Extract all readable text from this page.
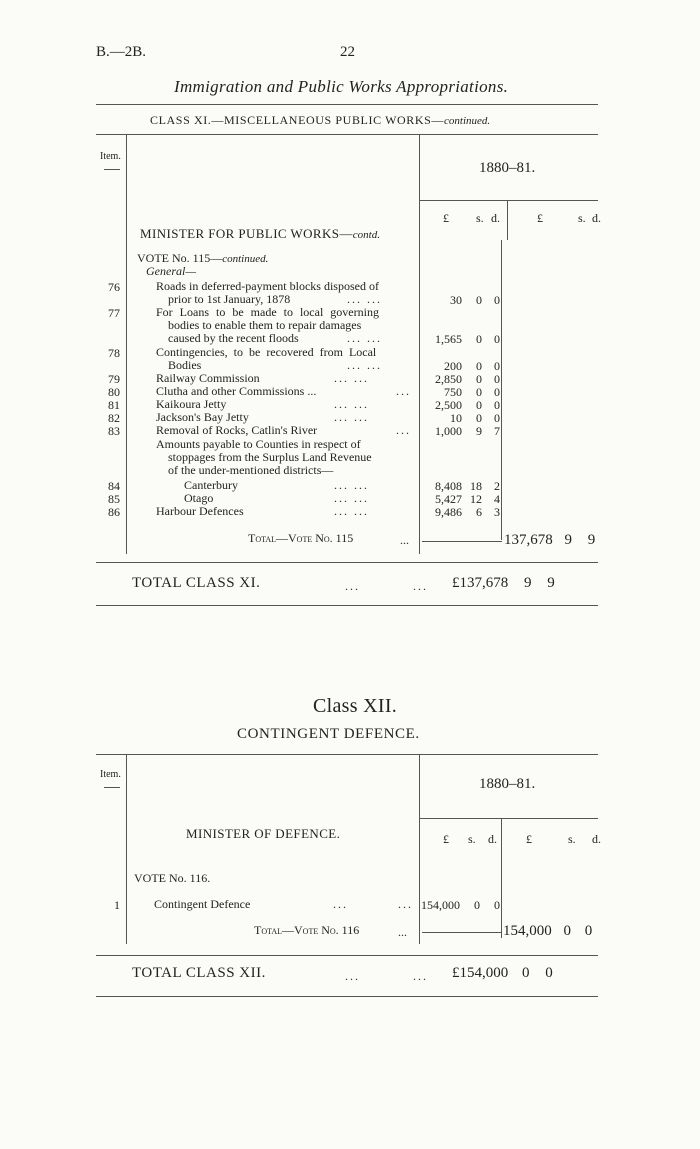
B.—2B.	22
Immigration and Public Works Appropriations.
CLASS XI.—MISCELLANEOUS PUBLIC WORKS—continued.
Item.
1880–81.
£ s. d.	£	s. d.
MINISTER FOR PUBLIC WORKS—contd.
VOTE No. 115—continued.
General—
76	Roads in deferred-payment blocks disposed of
prior to 1st January, 1878	... ...	30	0	0
77	For Loans to be made to local governing
bodies to enable them to repair damages
caused by the recent floods	... ...	1,565	0	0
78	Contingencies, to be recovered from Local
Bodies	... ...	200	0	0
79	Railway Commission	... ...	2,850	0	0
80	Clutha and other Commissions ...	...	750	0	0
81	Kaikoura Jetty	... ...	2,500	0	0
82	Jackson's Bay Jetty	... ...	10	0	0
83	Removal of Rocks, Catlin's River	...	1,000	9	7
Amounts payable to Counties in respect of
stoppages from the Surplus Land Revenue
of the under-mentioned districts—
84	Canterbury	... ...	8,408 18	2
85	Otago	... ...	5,427 12	4
86	Harbour Defences	... ...	9,486	6	3
Total—Vote No. 115	...	137,678 9 9
TOTAL CLASS XI.	...	... £137,678 9 9
Class XII.
CONTINGENT DEFENCE.
Item.
1880–81.
£ s. d. £	s. d.
MINISTER OF DEFENCE.
VOTE No. 116.
1	Contingent Defence	...	... 154,000	0	0
Total—Vote No. 116	...	154,000 0 0
TOTAL CLASS XII.	...	... £154,000 0 0
